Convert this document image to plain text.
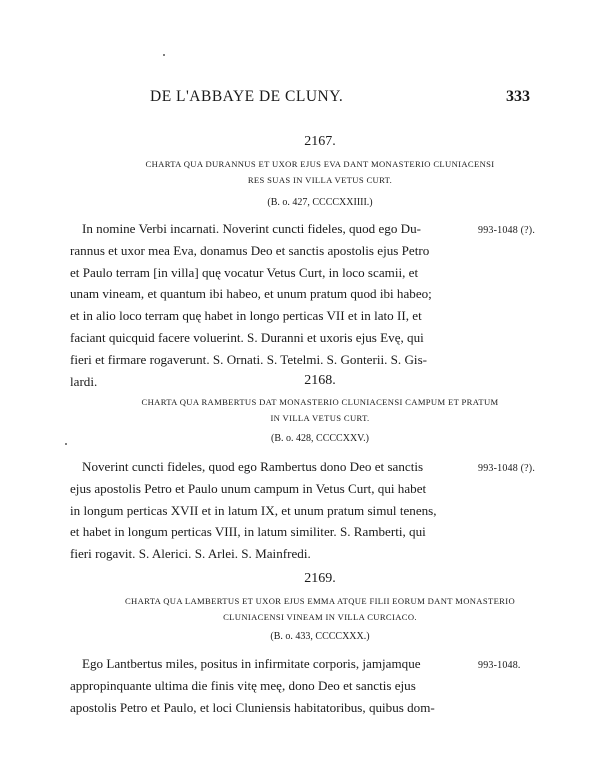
DE L'ABBAYE DE CLUNY.	333
2167.
CHARTA QUA DURANNUS ET UXOR EJUS EVA DANT MONASTERIO CLUNIACENSI
RES SUAS IN VILLA VETUS CURT.
(B. o. 427, CCCCXXIIII.)
993-1048 (?).
In nomine Verbi incarnati. Noverint cuncti fideles, quod ego Du-
rannus et uxor mea Eva, donamus Deo et sanctis apostolis ejus Petro
et Paulo terram [in villa] quę vocatur Vetus Curt, in loco scamii, et
unam vineam, et quantum ibi habeo, et unum pratum quod ibi habeo;
et in alio loco terram quę habet in longo perticas VII et in lato II, et
faciant quicquid facere voluerint. S. Duranni et uxoris ejus Evę, qui
fieri et firmare rogaverunt. S. Ornati. S. Tetelmi. S. Gonterii. S. Gis-
lardi.	2168.
CHARTA QUA RAMBERTUS DAT MONASTERIO CLUNIACENSI CAMPUM ET PRATUM
IN VILLA VETUS CURT.
(B. o. 428, CCCCXXV.)
993-1048 (?).
Noverint cuncti fideles, quod ego Rambertus dono Deo et sanctis
ejus apostolis Petro et Paulo unum campum in Vetus Curt, qui habet
in longum perticas XVII et in latum IX, et unum pratum simul tenens,
et habet in longum perticas VIII, in latum similiter. S. Ramberti, qui
fieri rogavit. S. Alerici. S. Arlei. S. Mainfredi.
2169.
CHARTA QUA LAMBERTUS ET UXOR EJUS EMMA ATQUE FILII EORUM DANT MONASTERIO
CLUNIACENSI VINEAM IN VILLA CURCIACO.
(B. o. 433, CCCCXXX.)
993-1048.
Ego Lantbertus miles, positus in infirmitate corporis, jamjamque
appropinquante ultima die finis vitę meę, dono Deo et sanctis ejus
apostolis Petro et Paulo, et loci Cluniensis habitatoribus, quibus dom-
